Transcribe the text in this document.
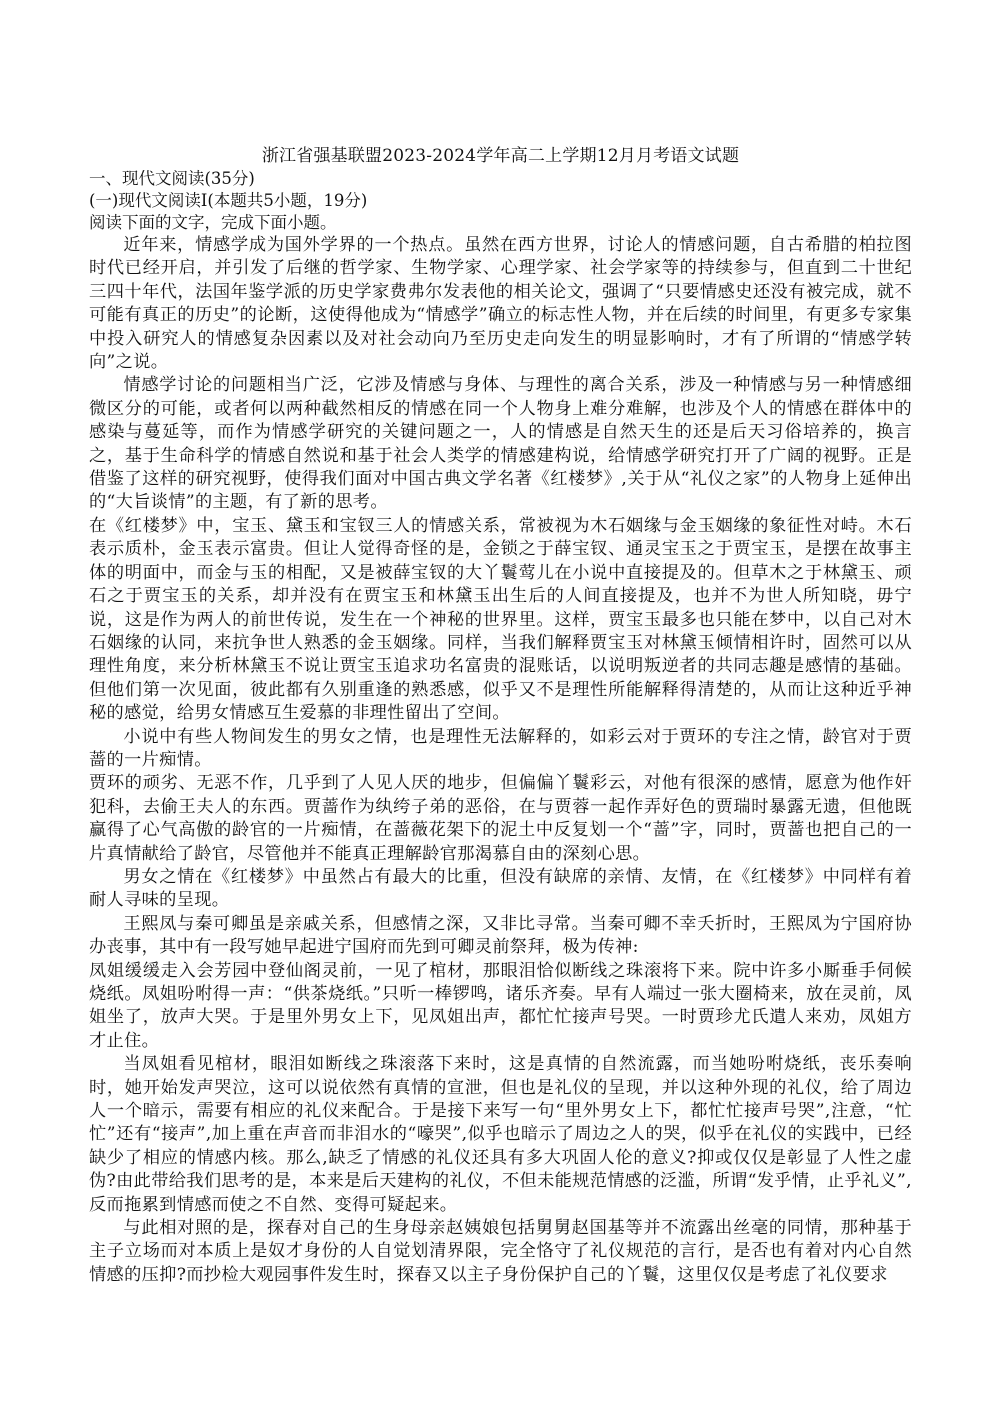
浙江省强基联盟2023-2024学年高二上学期12月月考语文试题
一、现代文阅读(35分)
(一)现代文阅读I(本题共5小题，19分)
阅读下面的文字，完成下面小题。

近年来，情感学成为国外学界的一个热点。虽然在西方世界，讨论人的情感问题，自古希腊的柏拉图时代已经开启，并引发了后继的哲学家、生物学家、心理学家、社会学家等的持续参与，但直到二十世纪三四十年代，法国年鉴学派的历史学家费弗尔发表他的相关论文，强调了“只要情感史还没有被完成，就不可能有真正的历史”的论断，这使得他成为“情感学”确立的标志性人物，并在后续的时间里，有更多专家集中投入研究人的情感复杂因素以及对社会动向乃至历史走向发生的明显影响时，才有了所谓的“情感学转向”之说。

情感学讨论的问题相当广泛，它涉及情感与身体、与理性的离合关系，涉及一种情感与另一种情感细微区分的可能，或者何以两种截然相反的情感在同一个人物身上难分难解，也涉及个人的情感在群体中的感染与蔓延等，而作为情感学研究的关键问题之一，人的情感是自然天生的还是后天习俗培养的，换言之，基于生命科学的情感自然说和基于社会人类学的情感建构说，给情感学研究打开了广阔的视野。正是借鉴了这样的研究视野，使得我们面对中国古典文学名著《红楼梦》,关于从“礼仪之家”的人物身上延伸出的“大旨谈情”的主题，有了新的思考。

在《红楼梦》中，宝玉、黛玉和宝钗三人的情感关系，常被视为木石姻缘与金玉姻缘的象征性对峙。木石表示质朴，金玉表示富贵。但让人觉得奇怪的是，金锁之于薛宝钗、通灵宝玉之于贾宝玉，是摆在故事主体的明面中，而金与玉的相配，又是被薛宝钗的大丫鬟莺儿在小说中直接提及的。但草木之于林黛玉、顽石之于贾宝玉的关系，却并没有在贾宝玉和林黛玉出生后的人间直接提及，也并不为世人所知晓，毋宁说，这是作为两人的前世传说，发生在一个神秘的世界里。这样，贾宝玉最多也只能在梦中，以自己对木石姻缘的认同，来抗争世人熟悉的金玉姻缘。同样，当我们解释贾宝玉对林黛玉倾情相许时，固然可以从理性角度，来分析林黛玉不说让贾宝玉追求功名富贵的混账话，以说明叛逆者的共同志趣是感情的基础。但他们第一次见面，彼此都有久别重逢的熟悉感，似乎又不是理性所能解释得清楚的，从而让这种近乎神秘的感觉，给男女情感互生爱慕的非理性留出了空间。

小说中有些人物间发生的男女之情，也是理性无法解释的，如彩云对于贾环的专注之情，龄官对于贾蔷的一片痴情。

贾环的顽劣、无恶不作，几乎到了人见人厌的地步，但偏偏丫鬟彩云，对他有很深的感情，愿意为他作奸犯科，去偷王夫人的东西。贾蔷作为纨绔子弟的恶俗，在与贾蓉一起作弄好色的贾瑞时暴露无遗，但他既赢得了心气高傲的龄官的一片痴情，在蔷薇花架下的泥土中反复划一个“蔷”字，同时，贾蔷也把自己的一片真情献给了龄官，尽管他并不能真正理解龄官那渴慕自由的深刻心思。

男女之情在《红楼梦》中虽然占有最大的比重，但没有缺席的亲情、友情，在《红楼梦》中同样有着耐人寻味的呈现。

王熙凤与秦可卿虽是亲戚关系，但感情之深，又非比寻常。当秦可卿不幸夭折时，王熙凤为宁国府协办丧事，其中有一段写她早起进宁国府而先到可卿灵前祭拜，极为传神:

凤姐缓缓走入会芳园中登仙阁灵前，一见了棺材，那眼泪恰似断线之珠滚将下来。院中许多小厮垂手伺候烧纸。凤姐吩咐得一声：“供茶烧纸。”只听一棒锣鸣，诸乐齐奏。早有人端过一张大圈椅来，放在灵前，凤姐坐了，放声大哭。于是里外男女上下，见凤姐出声，都忙忙接声号哭。一时贾珍尤氏遣人来劝，凤姐方才止住。

当凤姐看见棺材，眼泪如断线之珠滚落下来时，这是真情的自然流露，而当她吩咐烧纸，丧乐奏响时，她开始发声哭泣，这可以说依然有真情的宣泄，但也是礼仪的呈现，并以这种外现的礼仪，给了周边人一个暗示，需要有相应的礼仪来配合。于是接下来写一句“里外男女上下，都忙忙接声号哭”,注意，“忙忙”还有“接声”,加上重在声音而非泪水的“嚎哭”,似乎也暗示了周边之人的哭，似乎在礼仪的实践中，已经缺少了相应的情感内核。那么,缺乏了情感的礼仪还具有多大巩固人伦的意义?抑或仅仅是彰显了人性之虚伪?由此带给我们思考的是，本来是后天建构的礼仪，不但未能规范情感的泛滥，所谓“发乎情，止乎礼义”,反而拖累到情感而使之不自然、变得可疑起来。

与此相对照的是，探春对自己的生身母亲赵姨娘包括舅舅赵国基等并不流露出丝毫的同情，那种基于主子立场而对本质上是奴才身份的人自觉划清界限，完全恪守了礼仪规范的言行，是否也有着对内心自然情感的压抑?而抄检大观园事件发生时，探春又以主子身份保护自己的丫鬟，这里仅仅是考虑了礼仪要求
